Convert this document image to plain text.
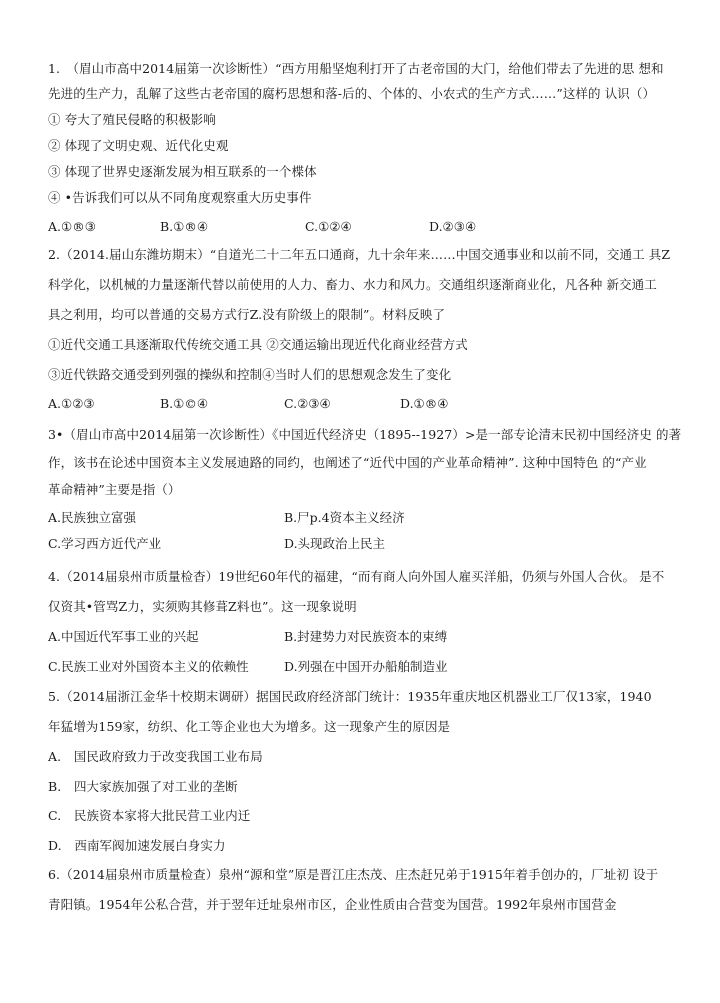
1.　（眉山市高中2014届第一次诊断性）“西方用船坚炮利打开了古老帝国的大门，给他们带去了先进的思 想和
先进的生产力，乱解了这些古老帝国的腐朽思想和落-后的、个体的、小农式的生产方式……”这样的 认识（）
① 夸大了殖民侵略的积极影响
② 体现了文明史观、近代化史观
③ 体现了世界史逐渐发展为相互联系的一个楪体
④ •告诉我们可以从不同角度观察重大历史事件
A.①®③	B.①®④	C.①②④	D.②③④
2.（2014.届山东潍坊期末）“自道光二十二年五口通商，九十余年来……中国交通事业和以前不同，交通工 具Z
科学化，以机械的力量逐渐代替以前使用的人力、畜力、水力和风力。交通组织逐渐商业化，凡各种 新交通工
具之利用，均可以普通的交易方式行Z.没有阶级上的限制”。材料反映了
①近代交通工具逐渐取代传统交通工具 ②交通运输出现近代化商业经营方式
③近代铁路交通受到列强的操纵和控制④当时人们的思想观念发生了变化
A.①②③	B.①©④	C.②③④	D.①®④
3•（眉山市高中2014届第一次诊断性）《中国近代经济史（1895--1927）>是一部专论清末民初中国经济史 的著
作，该书在论述中国资本主义发展迪路的同约，也阐述了“近代中国的产业革命精神”. 这种中国特色 的“产业
革命精神”主要是指（）
A.民族独立富强	B.尸p.4资本主义经济
C.学习西方近代产业	D.头现政治上民主
4.（2014届泉州市质量检杳）19世纪60年代的福建，“而有商人向外国人雇买洋船，仍须与外国人合伙。 是不
仅资其•管骂Z力，实须购其修葺Z料也”。这一现象说明
A.中国近代军事工业的兴起	B.封建势力对民族资本的束缚
C.民族工业对外国资本主义的依赖性	D.列强在中国开办船舶制造业
5.（2014届浙江金华十校期末调研）据国民政府经济部门统计：1935年重庆地区机器业工厂仅13家，1940
年猛增为159家，纺织、化工等企业也大为增多。这一现象产生的原因是
A.　国民政府致力于改变我国工业布局
B.　四大家族加强了对工业的垄断
C.　民族资本家将大批民营工业内迁
D.　西南军阀加速发展白身实力
6.（2014届泉州市质量检查）泉州“源和堂”原是晋江庄杰茂、庄杰赶兄弟于1915年着手创办的，厂址初 设于
青阳镇。1954年公私合营，并于翌年迁址泉州市区，企业性质由合营变为国营。1992年泉州市国营金
